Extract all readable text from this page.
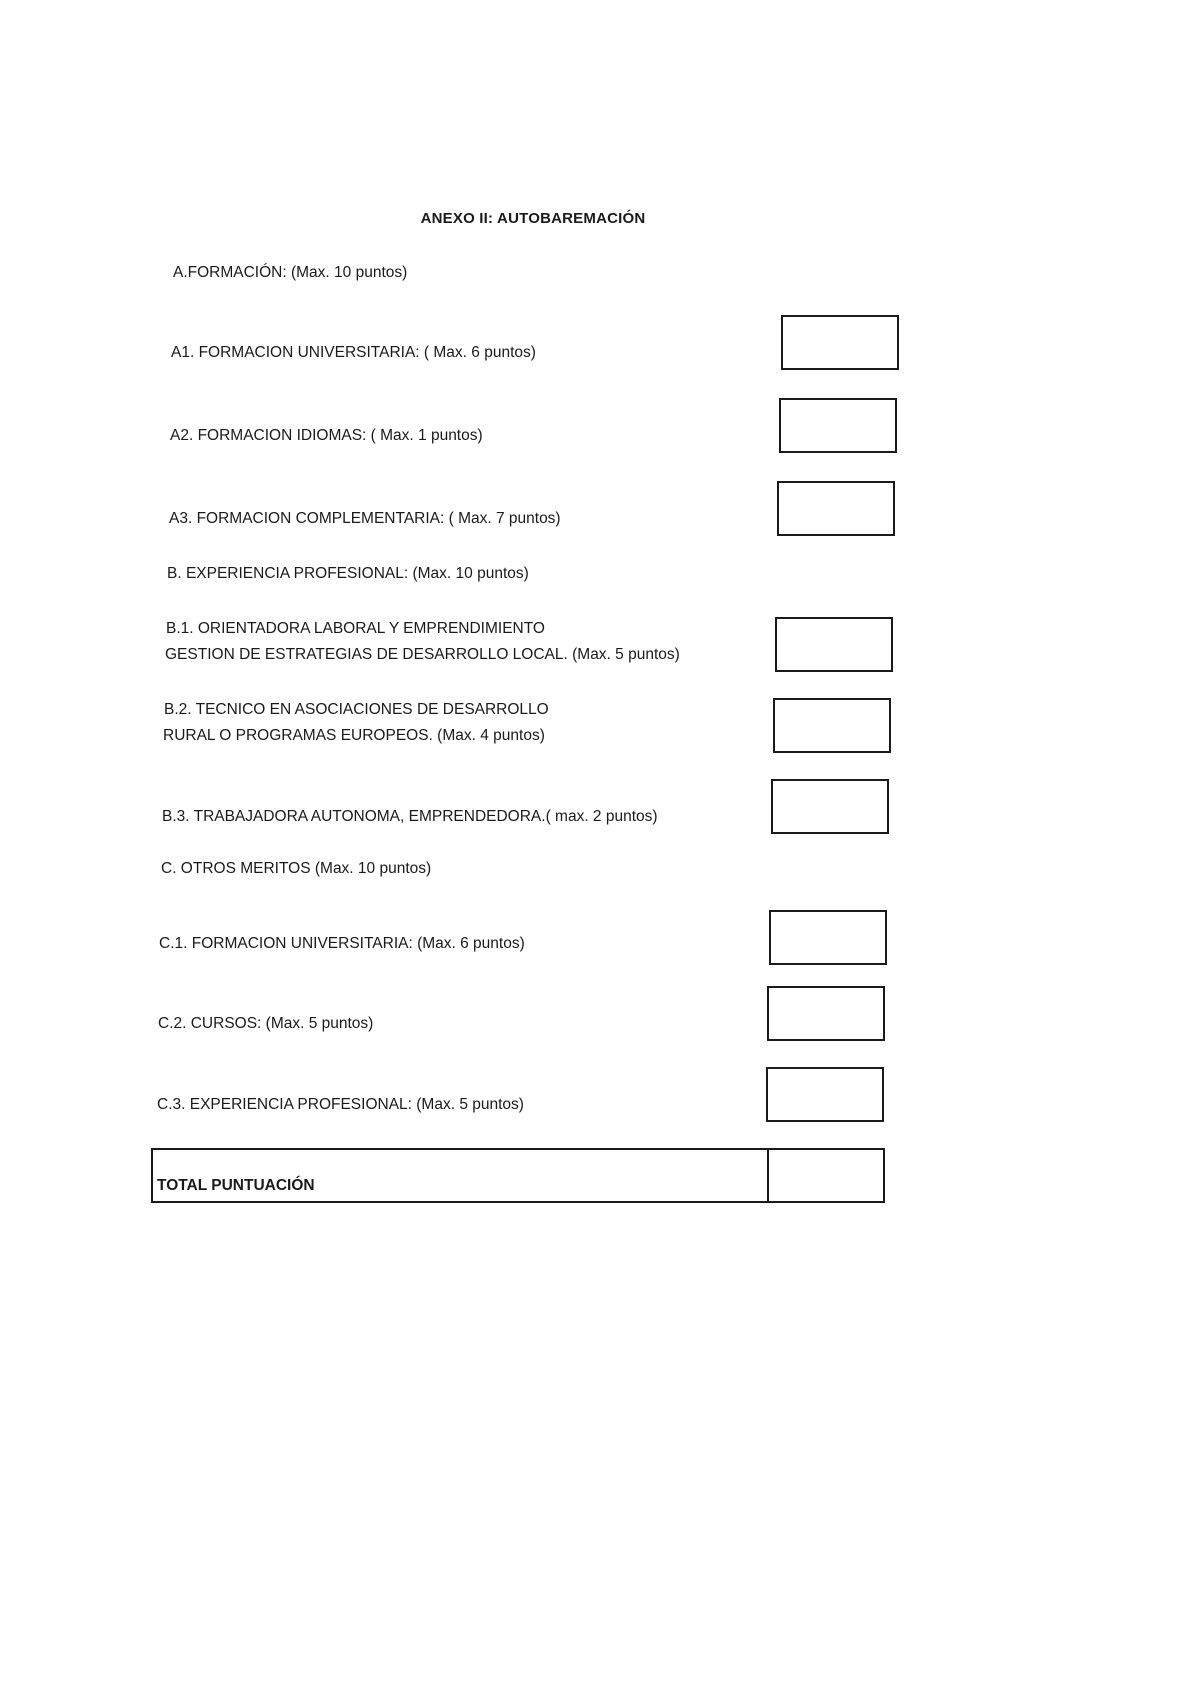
ANEXO II: AUTOBAREMACIÓN
A.FORMACIÓN: (Max. 10 puntos)
A1. FORMACION UNIVERSITARIA: ( Max. 6 puntos)
A2. FORMACION IDIOMAS: ( Max. 1 puntos)
A3. FORMACION COMPLEMENTARIA: ( Max. 7 puntos)
B. EXPERIENCIA PROFESIONAL: (Max. 10 puntos)
B.1. ORIENTADORA LABORAL Y EMPRENDIMIENTO
GESTION DE ESTRATEGIAS DE DESARROLLO LOCAL. (Max. 5 puntos)
B.2. TECNICO EN ASOCIACIONES DE DESARROLLO
RURAL O PROGRAMAS EUROPEOS. (Max. 4 puntos)
B.3. TRABAJADORA AUTONOMA, EMPRENDEDORA.( max. 2 puntos)
C. OTROS MERITOS (Max. 10 puntos)
C.1. FORMACION UNIVERSITARIA: (Max. 6 puntos)
C.2. CURSOS: (Max. 5 puntos)
C.3. EXPERIENCIA PROFESIONAL: (Max. 5 puntos)
TOTAL PUNTUACIÓN
